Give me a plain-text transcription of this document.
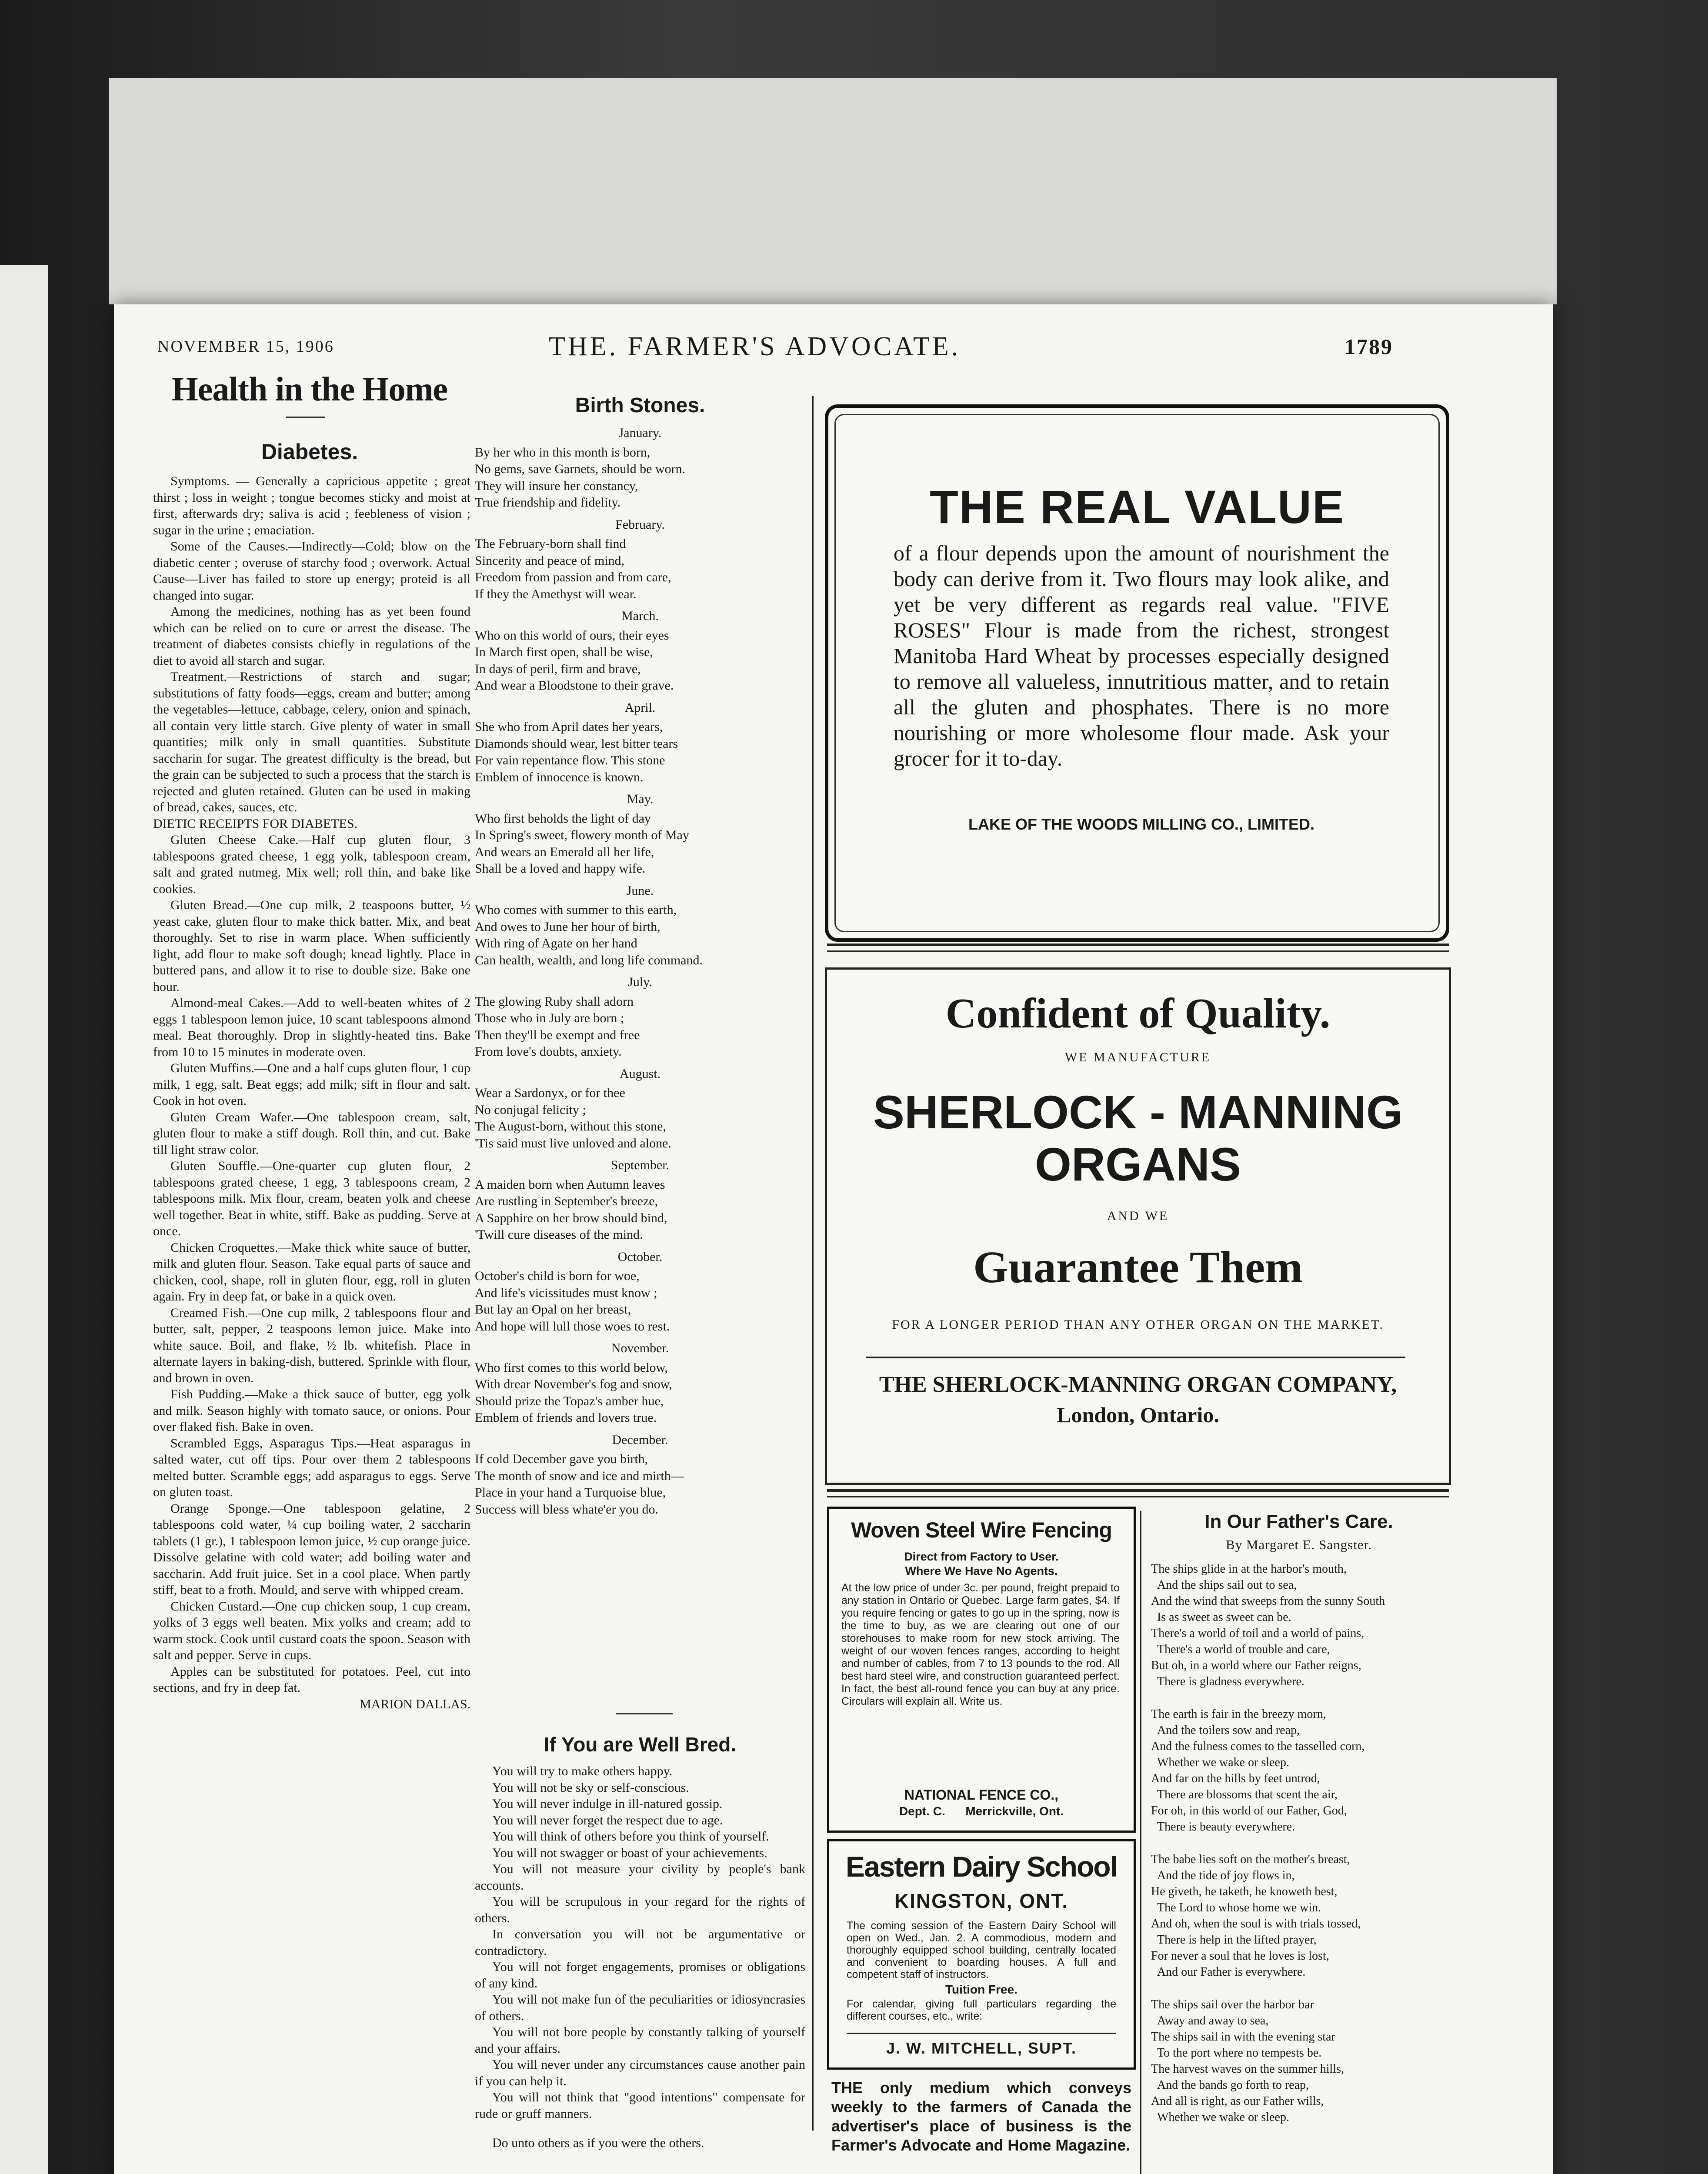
NOVEMBER 15, 1906	THE. FARMER'S ADVOCATE.	1789
Health in the Home
Diabetes.

Symptoms. — Generally a capricious appetite ; great thirst ; loss in weight ; tongue becomes sticky and moist at first, afterwards dry; saliva is acid ; feebleness of vision ; sugar in the urine ; emaciation.

Some of the Causes.—Indirectly—Cold; blow on the diabetic center ; overuse of starchy food ; overwork. Actual Cause—Liver has failed to store up energy; proteid is all changed into sugar.

Among the medicines, nothing has as yet been found which can be relied on to cure or arrest the disease. The treatment of diabetes consists chiefly in regulations of the diet to avoid all starch and sugar.

Treatment.—Restrictions of starch and sugar; substitutions of fatty foods—eggs, cream and butter; among the vegetables—lettuce, cabbage, celery, onion and spinach, all contain very little starch. Give plenty of water in small quantities; milk only in small quantities. Substitute saccharin for sugar. The greatest difficulty is the bread, but the grain can be subjected to such a process that the starch is rejected and gluten retained. Gluten can be used in making of bread, cakes, sauces, etc.

DIETIC RECEIPTS FOR DIABETES.

Gluten Cheese Cake.—Half cup gluten flour, 3 tablespoons grated cheese, 1 egg yolk, tablespoon cream, salt and grated nutmeg. Mix well; roll thin, and bake like cookies.

Gluten Bread.—One cup milk, 2 teaspoons butter, ½ yeast cake, gluten flour to make thick batter. Mix, and beat thoroughly. Set to rise in warm place. When sufficiently light, add flour to make soft dough; knead lightly. Place in buttered pans, and allow it to rise to double size. Bake one hour.

Almond-meal Cakes.—Add to well-beaten whites of 2 eggs 1 tablespoon lemon juice, 10 scant tablespoons almond meal. Beat thoroughly. Drop in slightly-heated tins. Bake from 10 to 15 minutes in moderate oven.

Gluten Muffins.—One and a half cups gluten flour, 1 cup milk, 1 egg, salt. Beat eggs; add milk; sift in flour and salt. Cook in hot oven.

Gluten Cream Wafer.—One tablespoon cream, salt, gluten flour to make a stiff dough. Roll thin, and cut. Bake till light straw color.

Gluten Souffle.—One-quarter cup gluten flour, 2 tablespoons grated cheese, 1 egg, 3 tablespoons cream, 2 tablespoons milk. Mix flour, cream, beaten yolk and cheese well together. Beat in white, stiff. Bake as pudding. Serve at once.

Chicken Croquettes.—Make thick white sauce of butter, milk and gluten flour. Season. Take equal parts of sauce and chicken, cool, shape, roll in gluten flour, egg, roll in gluten again. Fry in deep fat, or bake in a quick oven.

Creamed Fish.—One cup milk, 2 tablespoons flour and butter, salt, pepper, 2 teaspoons lemon juice. Make into white sauce. Boil, and flake, ½ lb. whitefish. Place in alternate layers in baking-dish, buttered. Sprinkle with flour, and brown in oven.

Fish Pudding.—Make a thick sauce of butter, egg yolk and milk. Season highly with tomato sauce, or onions. Pour over flaked fish. Bake in oven.

Scrambled Eggs, Asparagus Tips.—Heat asparagus in salted water, cut off tips. Pour over them 2 tablespoons melted butter. Scramble eggs; add asparagus to eggs. Serve on gluten toast.

Orange Sponge.—One tablespoon gelatine, 2 tablespoons cold water, ¼ cup boiling water, 2 saccharin tablets (1 gr.), 1 tablespoon lemon juice, ½ cup orange juice. Dissolve gelatine with cold water; add boiling water and saccharin. Add fruit juice. Set in a cool place. When partly stiff, beat to a froth. Mould, and serve with whipped cream.

Chicken Custard.—One cup chicken soup, 1 cup cream, yolks of 3 eggs well beaten. Mix yolks and cream; add to warm stock. Cook until custard coats the spoon. Season with salt and pepper. Serve in cups.

Apples can be substituted for potatoes. Peel, cut into sections, and fry in deep fat.

MARION DALLAS.

Birth Stones.
January.
By her who in this month is born,
No gems, save Garnets, should be worn.
They will insure her constancy,
True friendship and fidelity.
February.
The February-born shall find
Sincerity and peace of mind,
Freedom from passion and from care,
If they the Amethyst will wear.
March.
Who on this world of ours, their eyes
In March first open, shall be wise,
In days of peril, firm and brave,
And wear a Bloodstone to their grave.
April.
She who from April dates her years,
Diamonds should wear, lest bitter tears
For vain repentance flow. This stone
Emblem of innocence is known.
May.
Who first beholds the light of day
In Spring's sweet, flowery month of May
And wears an Emerald all her life,
Shall be a loved and happy wife.
June.
Who comes with summer to this earth,
And owes to June her hour of birth,
With ring of Agate on her hand
Can health, wealth, and long life command.
July.
The glowing Ruby shall adorn
Those who in July are born ;
Then they'll be exempt and free
From love's doubts, anxiety.
August.
Wear a Sardonyx, or for thee
No conjugal felicity ;
The August-born, without this stone,
'Tis said must live unloved and alone.
September.
A maiden born when Autumn leaves
Are rustling in September's breeze,
A Sapphire on her brow should bind,
'Twill cure diseases of the mind.
October.
October's child is born for woe,
And life's vicissitudes must know ;
But lay an Opal on her breast,
And hope will lull those woes to rest.
November.
Who first comes to this world below,
With drear November's fog and snow,
Should prize the Topaz's amber hue,
Emblem of friends and lovers true.
December.
If cold December gave you birth,
The month of snow and ice and mirth—
Place in your hand a Turquoise blue,
Success will bless whate'er you do.
If You are Well Bred.

You will try to make others happy.

You will not be sky or self-conscious.

You will never indulge in ill-natured gossip.

You will never forget the respect due to age.

You will think of others before you think of yourself.

You will not swagger or boast of your achievements.

You will not measure your civility by people's bank accounts.

You will be scrupulous in your regard for the rights of others.

In conversation you will not be argumentative or contradictory.

You will not forget engagements, promises or obligations of any kind.

You will not make fun of the peculiarities or idiosyncrasies of others.

You will not bore people by constantly talking of yourself and your affairs.

You will never under any circumstances cause another pain if you can help it.

You will not think that "good intentions" compensate for rude or gruff manners.

Do unto others as if you were the others.

THE REAL VALUE
of a flour depends upon the amount of nourishment the body can derive from it. Two flours may look alike, and yet be very different as regards real value. "FIVE ROSES" Flour is made from the richest, strongest Manitoba Hard Wheat by processes especially designed to remove all valueless, innutritious matter, and to retain all the gluten and phosphates. There is no more nourishing or more wholesome flour made. Ask your grocer for it to-day.
LAKE OF THE WOODS MILLING CO., LIMITED.
Confident of Quality.
WE MANUFACTURE
SHERLOCK - MANNING
ORGANS
AND WE
Guarantee Them
FOR A LONGER PERIOD THAN ANY OTHER ORGAN ON THE MARKET.
THE SHERLOCK-MANNING ORGAN COMPANY,
London, Ontario.
Woven Steel Wire Fencing
Direct from Factory to User.
Where We Have No Agents.
At the low price of under 3c. per pound, freight prepaid to any station in Ontario or Quebec. Large farm gates, $4. If you require fencing or gates to go up in the spring, now is the time to buy, as we are clearing out one of our storehouses to make room for new stock arriving. The weight of our woven fences ranges, according to height and number of cables, from 7 to 13 pounds to the rod. All best hard steel wire, and construction guaranteed perfect. In fact, the best all-round fence you can buy at any price. Circulars will explain all. Write us.
NATIONAL FENCE CO.,
Dept. C.      Merrickville, Ont.
Eastern Dairy School
KINGSTON, ONT.
The coming session of the Eastern Dairy School will open on Wed., Jan. 2. A commodious, modern and thoroughly equipped school building, centrally located and convenient to boarding houses. A full and competent staff of instructors.
Tuition Free.
For calendar, giving full particulars regarding the different courses, etc., write:
J. W. MITCHELL, SUPT.
THE only medium which conveys weekly to the farmers of Canada the advertiser's place of business is the Farmer's Advocate and Home Magazine.
In Our Father's Care.
By Margaret E. Sangster.
The ships glide in at the harbor's mouth,
And the ships sail out to sea,
And the wind that sweeps from the sunny South
Is as sweet as sweet can be.
There's a world of toil and a world of pains,
There's a world of trouble and care,
But oh, in a world where our Father reigns,
There is gladness everywhere.
The earth is fair in the breezy morn,
And the toilers sow and reap,
And the fulness comes to the tasselled corn,
Whether we wake or sleep.
And far on the hills by feet untrod,
There are blossoms that scent the air,
For oh, in this world of our Father, God,
There is beauty everywhere.
The babe lies soft on the mother's breast,
And the tide of joy flows in,
He giveth, he taketh, he knoweth best,
The Lord to whose home we win.
And oh, when the soul is with trials tossed,
There is help in the lifted prayer,
For never a soul that he loves is lost,
And our Father is everywhere.
The ships sail over the harbor bar
Away and away to sea,
The ships sail in with the evening star
To the port where no tempests be.
The harvest waves on the summer hills,
And the bands go forth to reap,
And all is right, as our Father wills,
Whether we wake or sleep.
